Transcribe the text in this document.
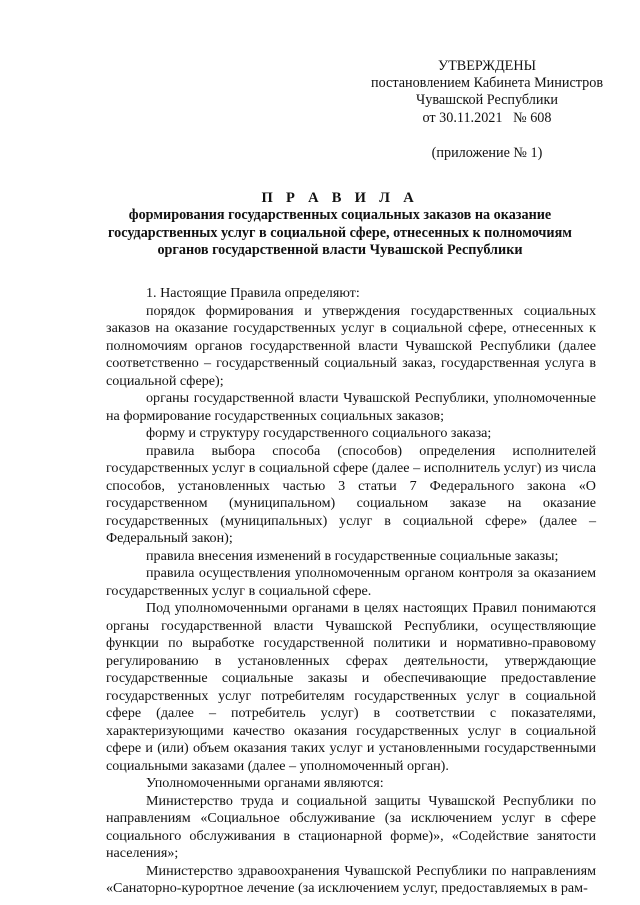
УТВЕРЖДЕНЫ
постановлением Кабинета Министров
Чувашской Республики
от 30.11.2021   № 608
(приложение № 1)
П Р А В И Л А
формирования государственных социальных заказов на оказание государственных услуг в социальной сфере, отнесенных к полномочиям органов государственной власти Чувашской Республики

1. Настоящие Правила определяют:

порядок формирования и утверждения государственных социальных заказов на оказание государственных услуг в социальной сфере, отнесенных к полномочиям органов государственной власти Чувашской Республики (далее соответственно – государственный социальный заказ, государственная услуга в социальной сфере);

органы государственной власти Чувашской Республики, уполномоченные на формирование государственных социальных заказов;

форму и структуру государственного социального заказа;

правила выбора способа (способов) определения исполнителей государственных услуг в социальной сфере (далее – исполнитель услуг) из числа способов, установленных частью 3 статьи 7 Федерального закона «О государственном (муниципальном) социальном заказе на оказание государственных (муниципальных) услуг в социальной сфере» (далее – Федеральный закон);

правила внесения изменений в государственные социальные заказы;

правила осуществления уполномоченным органом контроля за оказанием государственных услуг в социальной сфере.

Под уполномоченными органами в целях настоящих Правил понимаются органы государственной власти Чувашской Республики, осуществляющие функции по выработке государственной политики и нормативно-правовому регулированию в установленных сферах деятельности, утверждающие государственные социальные заказы и обеспечивающие предоставление государственных услуг потребителям государственных услуг в социальной сфере (далее – потребитель услуг) в соответствии с показателями, характеризующими качество оказания государственных услуг в социальной сфере и (или) объем оказания таких услуг и установленными государственными социальными заказами (далее – уполномоченный орган).

Уполномоченными органами являются:

Министерство труда и социальной защиты Чувашской Республики по направлениям «Социальное обслуживание (за исключением услуг в сфере социального обслуживания в стационарной форме)», «Содействие занятости населения»;

Министерство здравоохранения Чувашской Республики по направлениям «Санаторно-курортное лечение (за исключением услуг, предоставляемых в рам-
